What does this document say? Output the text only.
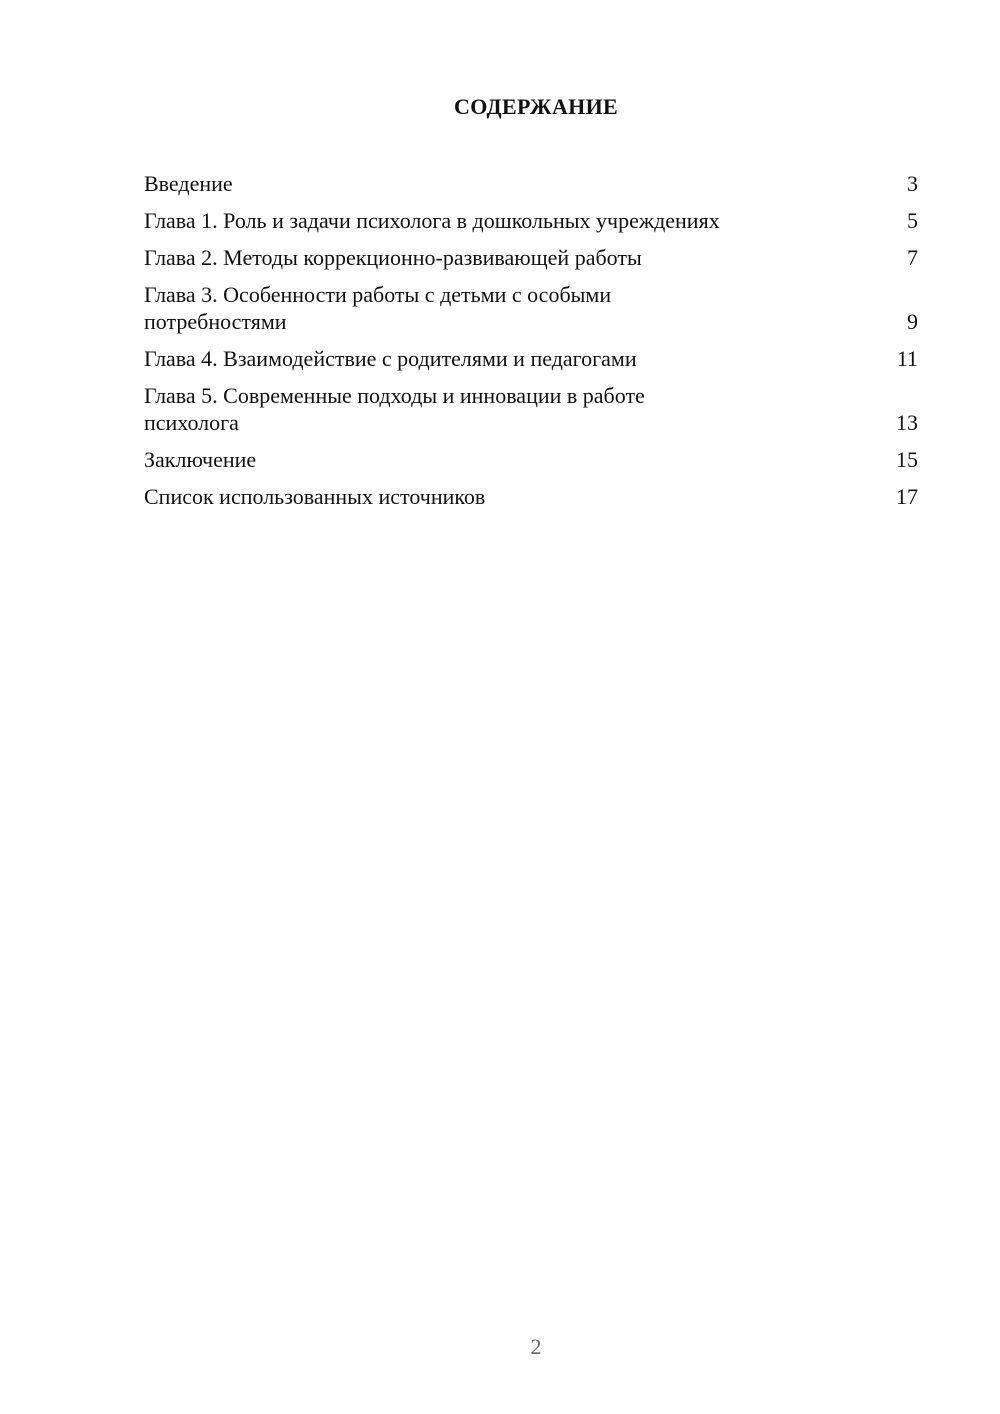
СОДЕРЖАНИЕ
Введение	3
Глава 1. Роль и задачи психолога в дошкольных учреждениях	5
Глава 2. Методы коррекционно-развивающей работы	7
Глава 3. Особенности работы с детьми с особыми потребностями	9
Глава 4. Взаимодействие с родителями и педагогами	11
Глава 5. Современные подходы и инновации в работе психолога	13
Заключение	15
Список использованных источников	17
2
